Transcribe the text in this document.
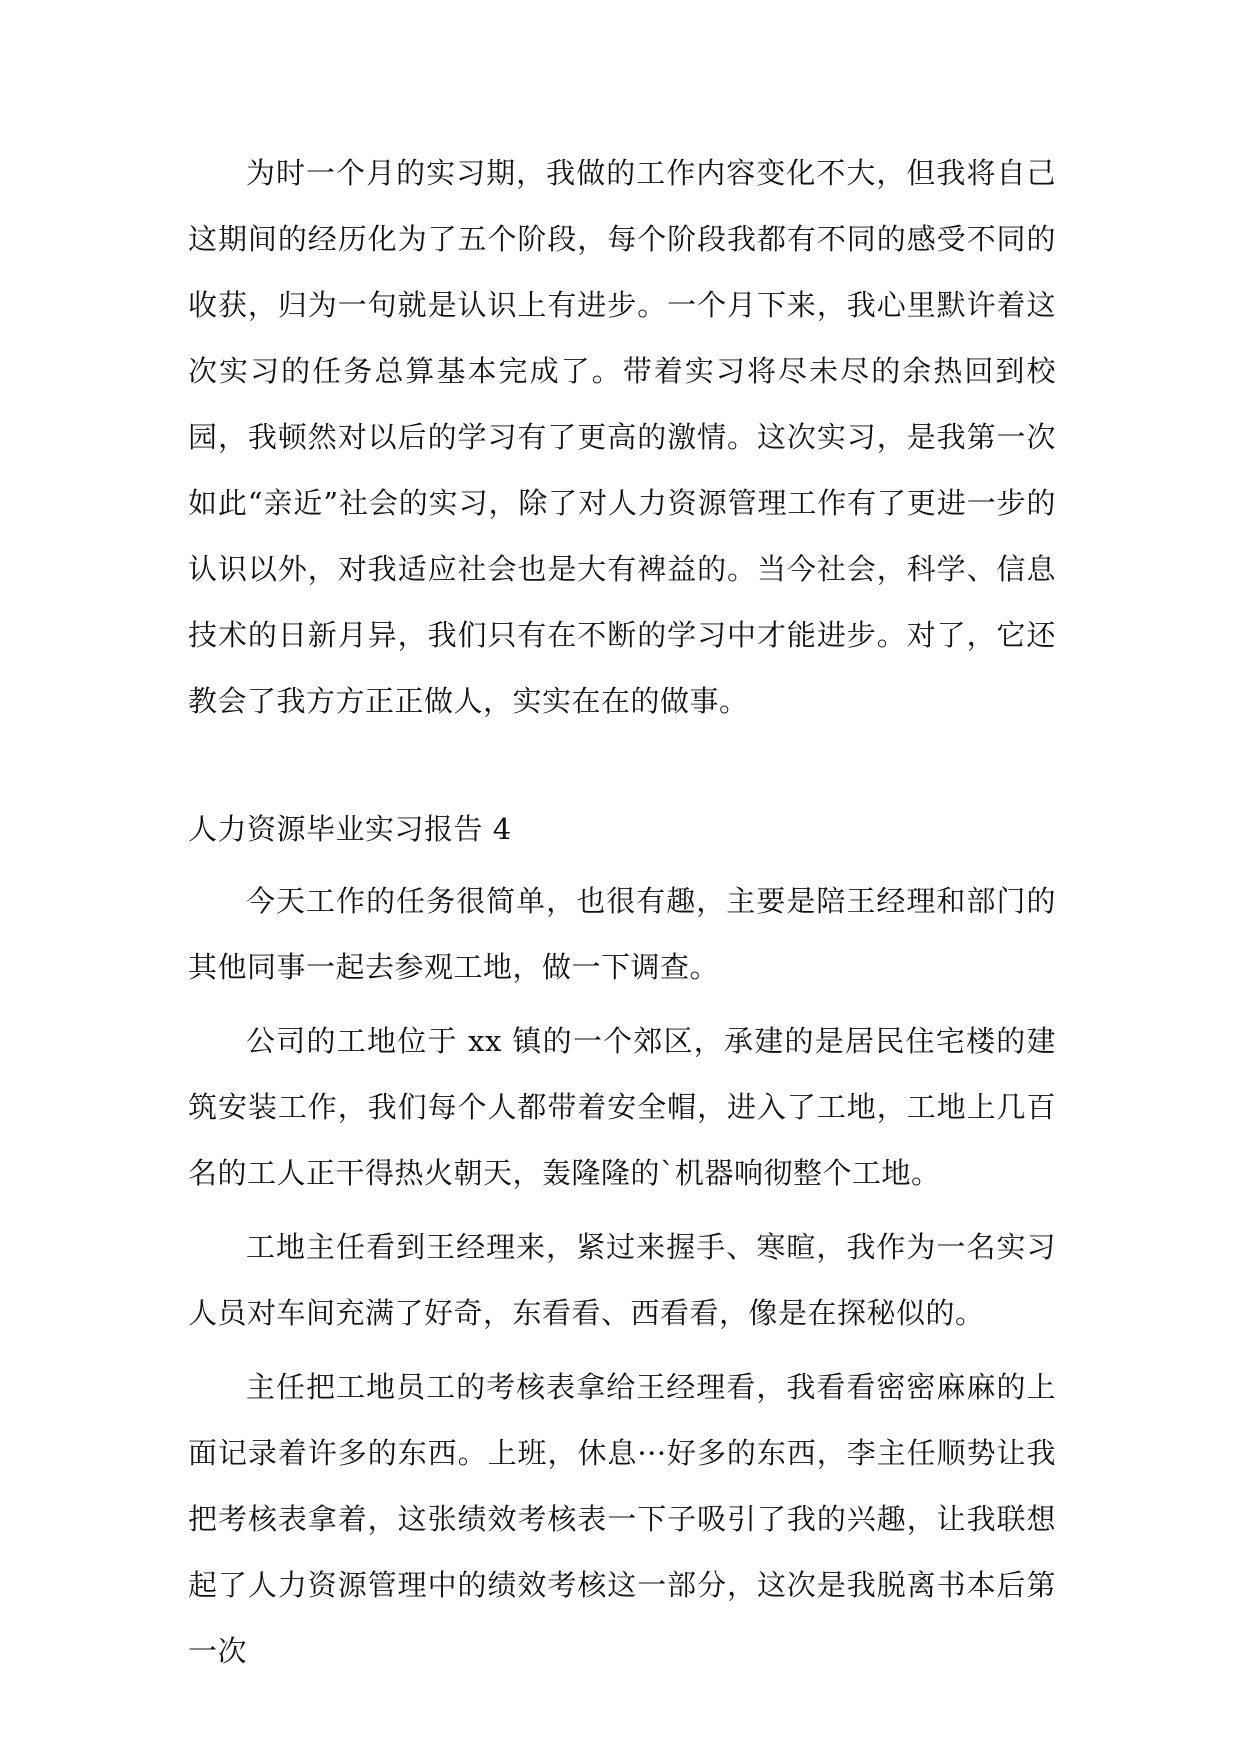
为时一个月的实习期，我做的工作内容变化不大，但我将自己这期间的经历化为了五个阶段，每个阶段我都有不同的感受不同的收获，归为一句就是认识上有进步。一个月下来，我心里默许着这次实习的任务总算基本完成了。带着实习将尽未尽的余热回到校园，我顿然对以后的学习有了更高的激情。这次实习，是我第一次如此“亲近”社会的实习，除了对人力资源管理工作有了更进一步的认识以外，对我适应社会也是大有裨益的。当今社会，科学、信息技术的日新月异，我们只有在不断的学习中才能进步。对了，它还教会了我方方正正做人，实实在在的做事。

人力资源毕业实习报告 4

今天工作的任务很简单，也很有趣，主要是陪王经理和部门的其他同事一起去参观工地，做一下调查。

公司的工地位于 xx 镇的一个郊区，承建的是居民住宅楼的建筑安装工作，我们每个人都带着安全帽，进入了工地，工地上几百名的工人正干得热火朝天，轰隆隆的`机器响彻整个工地。

工地主任看到王经理来，紧过来握手、寒暄，我作为一名实习人员对车间充满了好奇，东看看、西看看，像是在探秘似的。

主任把工地员工的考核表拿给王经理看，我看看密密麻麻的上面记录着许多的东西。上班，休息···好多的东西，李主任顺势让我把考核表拿着，这张绩效考核表一下子吸引了我的兴趣，让我联想起了人力资源管理中的绩效考核这一部分，这次是我脱离书本后第一次
